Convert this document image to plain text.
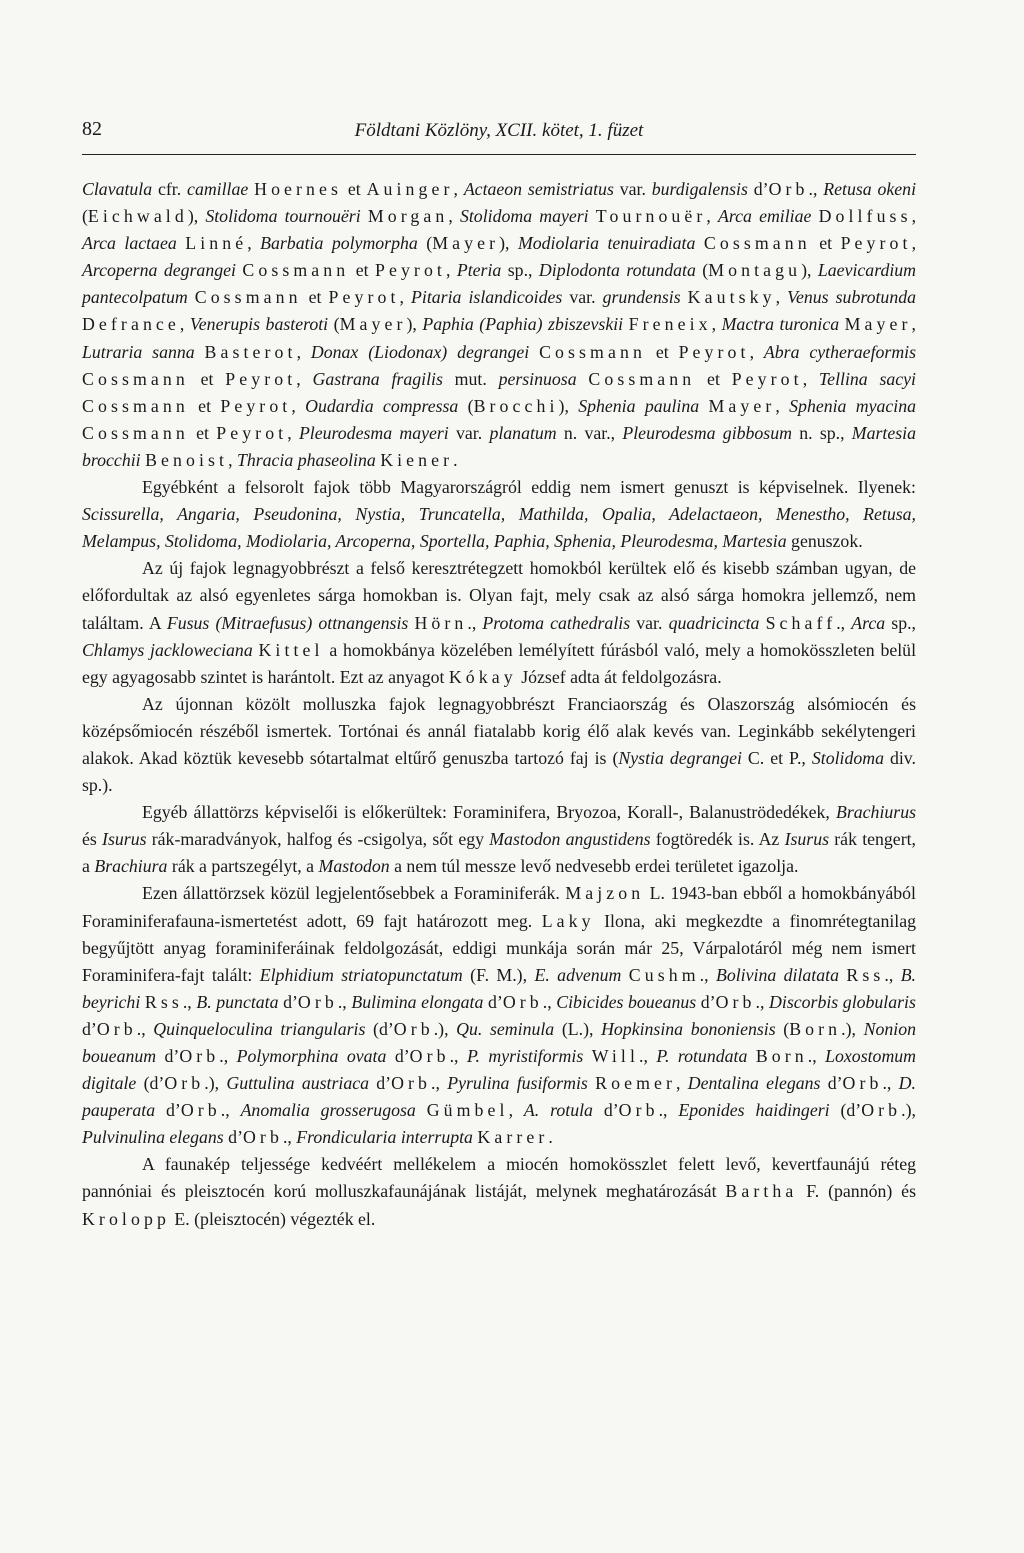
82	Földtani Közlöny, XCII. kötet, 1. füzet

Clavatula cfr. camillae Hoernes et Auinger, Actaeon semistriatus var. burdigalensis d’Orb., Retusa okeni (Eichwald), Stolidoma tournouëri Morgan, Stolidoma mayeri Tournouër, Arca emiliae Dollfuss, Arca lactaea Linné, Barbatia polymorpha (Mayer), Modiolaria tenuiradiata Cossmann et Peyrot, Arcoperna degrangei Cossmann et Peyrot, Pteria sp., Diplodonta rotundata (Montagu), Laevicardium pantecolpatum Cossmann et Peyrot, Pitaria islandicoides var. grundensis Kautsky, Venus subrotunda Defrance, Venerupis basteroti (Mayer), Paphia (Paphia) zbiszevskii Freneix, Mactra turonica Mayer, Lutraria sanna Basterot, Donax (Liodonax) degrangei Cossmann et Peyrot, Abra cytheraeformis Cossmann et Peyrot, Gastrana fragilis mut. persinuosa Cossmann et Peyrot, Tellina sacyi Cossmann et Peyrot, Oudardia compressa (Brocchi), Sphenia paulina Mayer, Sphenia myacina Cossmann et Peyrot, Pleurodesma mayeri var. planatum n. var., Pleurodesma gibbosum n. sp., Martesia brocchii Benoist, Thracia phaseolina Kiener.

Egyébként a felsorolt fajok több Magyarországról eddig nem ismert genuszt is képviselnek. Ilyenek: Scissurella, Angaria, Pseudonina, Nystia, Truncatella, Mathilda, Opalia, Adelactaeon, Menestho, Retusa, Melampus, Stolidoma, Modiolaria, Arcoperna, Sportella, Paphia, Sphenia, Pleurodesma, Martesia genuszok.

Az új fajok legnagyobbrészt a felső keresztrétegzett homokból kerültek elő és kisebb számban ugyan, de előfordultak az alsó egyenletes sárga homokban is. Olyan fajt, mely csak az alsó sárga homokra jellemző, nem találtam. A Fusus (Mitraefusus) ottnangensis Hörn., Protoma cathedralis var. quadricincta Schaff., Arca sp., Chlamys jackloweciana Kittel a homokbánya közelében lemélyített fúrásból való, mely a homokösszleten belül egy agyagosabb szintet is harántolt. Ezt az anyagot Kókay József adta át feldolgozásra.

Az újonnan közölt molluszka fajok legnagyobbrészt Franciaország és Olaszország alsómiocén és középsőmiocén részéből ismertek. Tortónai és annál fiatalabb korig élő alak kevés van. Leginkább sekélytengeri alakok. Akad köztük kevesebb sótartalmat eltűrő genuszba tartozó faj is (Nystia degrangei C. et P., Stolidoma div. sp.).

Egyéb állattörzs képviselői is előkerültek: Foraminifera, Bryozoa, Korall-, Balanuströdedékek, Brachiurus és Isurus rák-maradványok, halfog és -csigolya, sőt egy Mastodon angustidens fogtöredék is. Az Isurus rák tengert, a Brachiura rák a partszegélyt, a Mastodon a nem túl messze levő nedvesebb erdei területet igazolja.

Ezen állattörzsek közül legjelentősebbek a Foraminiferák. Majzon L. 1943-ban ebből a homokbányából Foraminiferafauna-ismertetést adott, 69 fajt határozott meg. Laky Ilona, aki megkezdte a finomrétegtanilag begyűjtött anyag foraminiferáinak feldolgozását, eddigi munkája során már 25, Várpalotáról még nem ismert Foraminifera-fajt talált: Elphidium striatopunctatum (F. M.), E. advenum Cushm., Bolivina dilatata Rss., B. beyrichi Rss., B. punctata d’Orb., Bulimina elongata d’Orb., Cibicides boueanus d’Orb., Discorbis globularis d’Orb., Quinqueloculina triangularis (d’Orb.), Qu. seminula (L.), Hopkinsina bononiensis (Born.), Nonion boueanum d’Orb., Polymorphina ovata d’Orb., P. myristiformis Will., P. rotundata Born., Loxostomum digitale (d’Orb.), Guttulina austriaca d’Orb., Pyrulina fusiformis Roemer, Dentalina elegans d’Orb., D. pauperata d’Orb., Anomalia grosserugosa Gümbel, A. rotula d’Orb., Eponides haidingeri (d’Orb.), Pulvinulina elegans d’Orb., Frondicularia interrupta Karrer.

A faunakép teljessége kedvéért mellékelem a miocén homokösszlet felett levő, kevertfaunájú réteg pannóniai és pleisztocén korú molluszkafaunájának listáját, melynek meghatározását Bartha F. (pannón) és Krolopp E. (pleisztocén) végezték el.
